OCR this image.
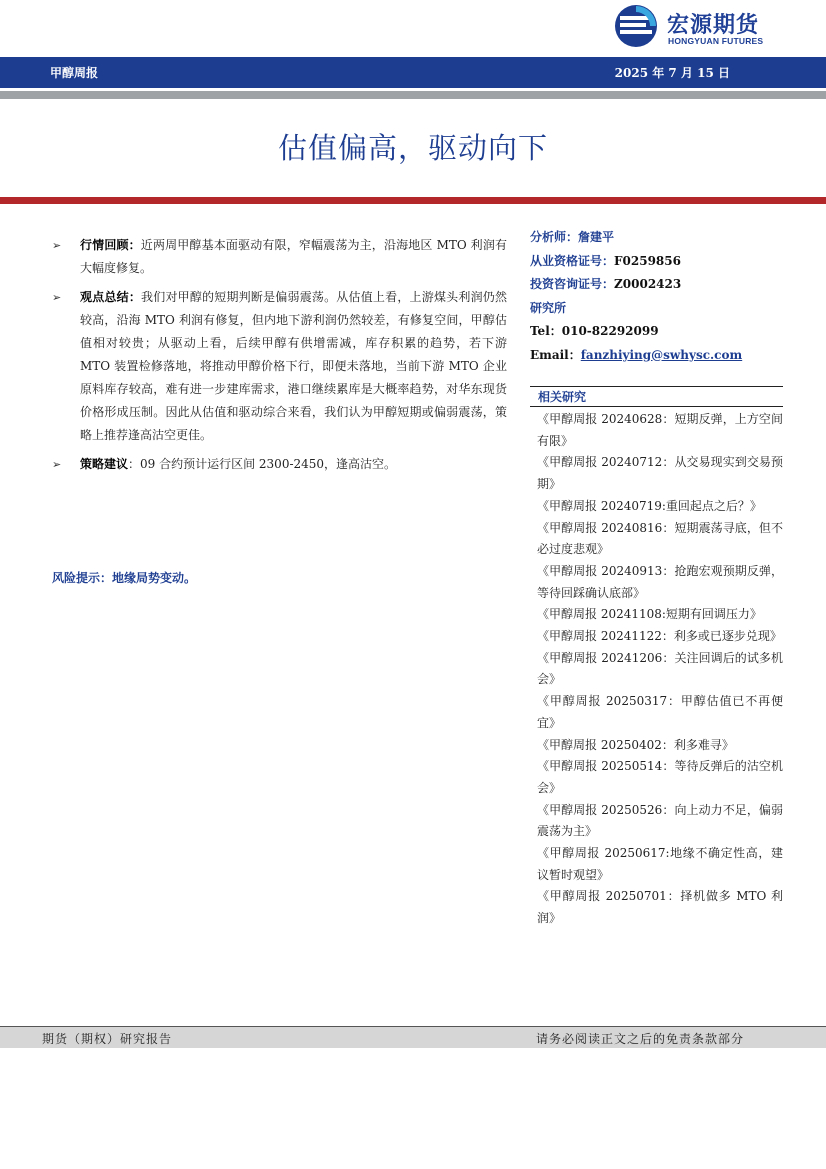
宏源期货
HONGYUAN FUTURES
甲醇周报	2025 年 7 月 15 日
估值偏高，驱动向下
➢ 行情回顾：近两周甲醇基本面驱动有限，窄幅震荡为主，沿海地区 MTO 利润有大幅度修复。
➢ 观点总结：我们对甲醇的短期判断是偏弱震荡。从估值上看，上游煤头利润仍然较高，沿海 MTO 利润有修复，但内地下游利润仍然较差，有修复空间，甲醇估值相对较贵；从驱动上看，后续甲醇有供增需减，库存积累的趋势，若下游 MTO 装置检修落地，将推动甲醇价格下行，即便未落地，当前下游 MTO 企业原料库存较高，难有进一步建库需求，港口继续累库是大概率趋势，对华东现货价格形成压制。因此从估值和驱动综合来看，我们认为甲醇短期或偏弱震荡，策略上推荐逢高沽空更佳。
➢ 策略建议：09 合约预计运行区间 2300-2450，逢高沽空。
风险提示：地缘局势变动。
分析师：詹建平
从业资格证号：F0259856
投资咨询证号：Z0002423
研究所
Tel：010-82292099
Email：fanzhiying@swhysc.com
相关研究
《甲醇周报 20240628：短期反弹，上方空间有限》
《甲醇周报 20240712：从交易现实到交易预期》
《甲醇周报 20240719:重回起点之后？》
《甲醇周报 20240816：短期震荡寻底，但不必过度悲观》
《甲醇周报 20240913：抢跑宏观预期反弹，等待回踩确认底部》
《甲醇周报 20241108:短期有回调压力》
《甲醇周报 20241122：利多或已逐步兑现》
《甲醇周报 20241206：关注回调后的试多机会》
《甲醇周报 20250317：甲醇估值已不再便宜》
《甲醇周报 20250402：利多难寻》
《甲醇周报 20250514：等待反弹后的沽空机会》
《甲醇周报 20250526：向上动力不足，偏弱震荡为主》
《甲醇周报 20250617:地缘不确定性高，建议暂时观望》
《甲醇周报 20250701：择机做多 MTO 利润》
期货（期权）研究报告	请务必阅读正文之后的免责条款部分
